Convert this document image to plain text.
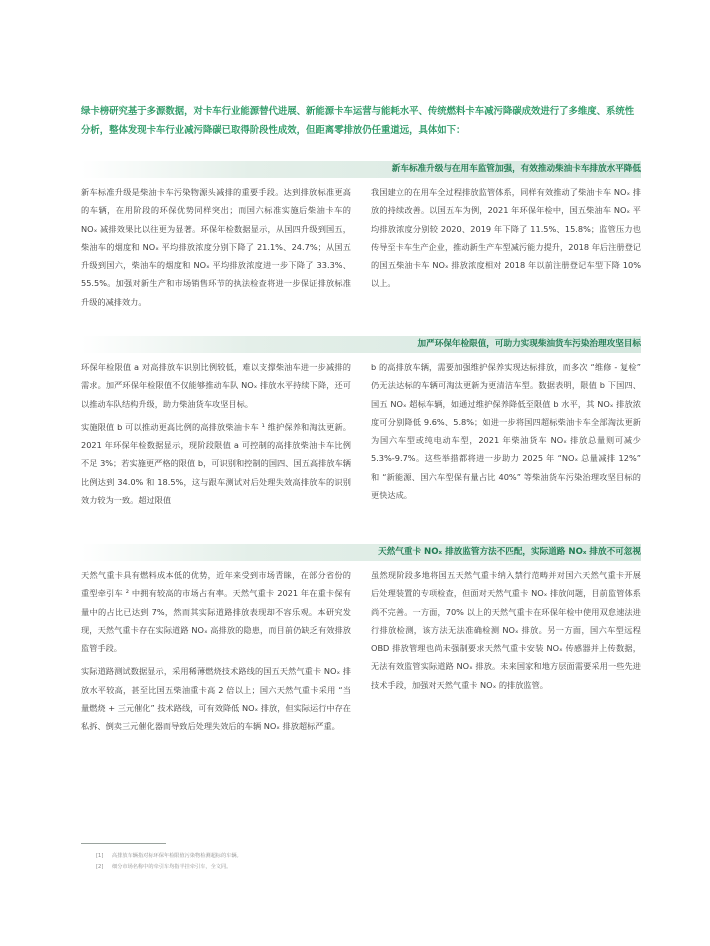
绿卡榜研究基于多源数据，对卡车行业能源替代进展、新能源卡车运营与能耗水平、传统燃料卡车减污降碳成效进行了多维度、系统性分析，整体发现卡车行业减污降碳已取得阶段性成效，但距离零排放仍任重道远，具体如下：

新车标准升级与在用车监管加强，有效推动柴油卡车排放水平降低

新车标准升级是柴油卡车污染物源头减排的重要手段。达到排放标准更高的车辆，在用阶段的环保优势同样突出；而国六标准实施后柴油卡车的 NOₓ 减排效果比以往更为显著。环保年检数据显示，从国四升级到国五，柴油车的烟度和 NOₓ 平均排放浓度分别下降了 21.1%、24.7%；从国五升级到国六，柴油车的烟度和 NOₓ 平均排放浓度进一步下降了 33.3%、55.5%。加强对新生产和市场销售环节的执法检查将进一步保证排放标准升级的减排效力。

我国建立的在用车全过程排放监管体系，同样有效推动了柴油卡车 NOₓ 排放的持续改善。以国五车为例，2021 年环保年检中，国五柴油车 NOₓ 平均排放浓度分别较 2020、2019 年下降了 11.5%、15.8%；监管压力也传导至卡车生产企业，推动新生产车型减污能力提升，2018 年后注册登记的国五柴油卡车 NOₓ 排放浓度相对 2018 年以前注册登记车型下降 10% 以上。

加严环保年检限值，可助力实现柴油货车污染治理攻坚目标

环保年检限值 a 对高排放车识别比例较低，难以支撑柴油车进一步减排的需求。加严环保年检限值不仅能够推动车队 NOₓ 排放水平持续下降，还可以推动车队结构升级，助力柴油货车攻坚目标。

实施限值 b 可以推动更高比例的高排放柴油卡车 ¹ 维护保养和淘汰更新。2021 年环保年检数据显示，现阶段限值 a 可控制的高排放柴油卡车比例不足 3%；若实施更严格的限值 b，可识别和控制的国四、国五高排放车辆比例达到 34.0% 和 18.5%，这与跟车测试对后处理失效高排放车的识别效力较为一致。超过限值

b 的高排放车辆，需要加强维护保养实现达标排放，而多次 “维修 - 复检” 仍无法达标的车辆可淘汰更新为更清洁车型。数据表明，限值 b 下国四、国五 NOₓ 超标车辆，如通过维护保养降低至限值 b 水平，其 NOₓ 排放浓度可分别降低 9.6%、5.8%；如进一步将国四超标柴油卡车全部淘汰更新为国六车型或纯电动车型，2021 年柴油货车 NOₓ 排放总量则可减少 5.3%-9.7%。这些举措都将进一步助力 2025 年 “NOₓ 总量减排 12%” 和 “新能源、国六车型保有量占比 40%” 等柴油货车污染治理攻坚目标的更快达成。

天然气重卡 NOₓ 排放监管方法不匹配，实际道路 NOₓ 排放不可忽视

天然气重卡具有燃料成本低的优势，近年来受到市场青睐，在部分省份的重型牵引车 ² 中拥有较高的市场占有率。天然气重卡 2021 年在重卡保有量中的占比已达到 7%，然而其实际道路排放表现却不容乐观。本研究发现，天然气重卡存在实际道路 NOₓ 高排放的隐患，而目前仍缺乏有效排放监管手段。

实际道路测试数据显示，采用稀薄燃烧技术路线的国五天然气重卡 NOₓ 排放水平较高，甚至比国五柴油重卡高 2 倍以上；国六天然气重卡采用 “当量燃烧 + 三元催化” 技术路线，可有效降低 NOₓ 排放，但实际运行中存在私拆、倒卖三元催化器而导致后处理失效后的车辆 NOₓ 排放超标严重。

虽然现阶段多地将国五天然气重卡纳入禁行范畴并对国六天然气重卡开展后处理装置的专项检查，但面对天然气重卡 NOₓ 排放问题，目前监管体系尚不完善。一方面，70% 以上的天然气重卡在环保年检中使用双怠速法进行排放检测，该方法无法准确检测 NOₓ 排放。另一方面，国六车型远程 OBD 排放管理也尚未强制要求天然气重卡安装 NOₓ 传感器并上传数据，无法有效监管实际道路 NOₓ 排放。未来国家和地方层面需要采用一些先进技术手段，加强对天然气重卡 NOₓ 的排放监管。

[1] 高排放车辆指对标环保年检限值污染物检测超标的车辆。
[2] 细分市场名称中的牵引车均指半挂牵引车，全文同。
